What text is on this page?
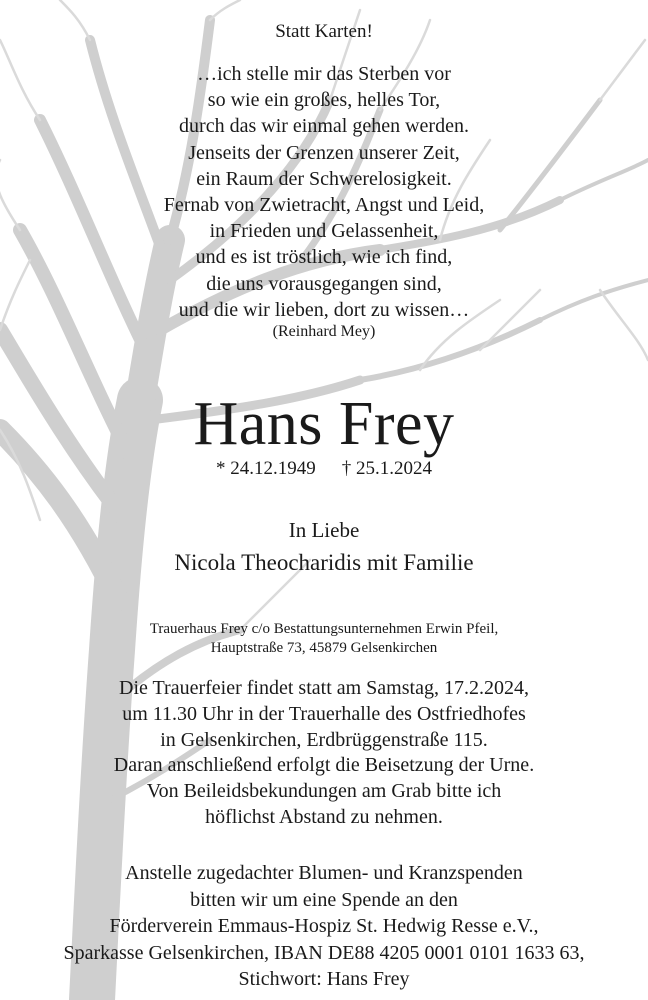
Statt Karten!
…ich stelle mir das Sterben vor
so wie ein großes, helles Tor,
durch das wir einmal gehen werden.
Jenseits der Grenzen unserer Zeit,
ein Raum der Schwerelosigkeit.
Fernab von Zwietracht, Angst und Leid,
in Frieden und Gelassenheit,
und es ist tröstlich, wie ich find,
die uns vorausgegangen sind,
und die wir lieben, dort zu wissen…
(Reinhard Mey)
Hans Frey
* 24.12.1949 † 25.1.2024
In Liebe
Nicola Theocharidis mit Familie
Trauerhaus Frey c/o Bestattungsunternehmen Erwin Pfeil,
Hauptstraße 73, 45879 Gelsenkirchen
Die Trauerfeier findet statt am Samstag, 17.2.2024,
um 11.30 Uhr in der Trauerhalle des Ostfriedhofes
in Gelsenkirchen, Erdbrüggenstraße 115.
Daran anschließend erfolgt die Beisetzung der Urne.
Von Beileidsbekundungen am Grab bitte ich
höflichst Abstand zu nehmen.
Anstelle zugedachter Blumen- und Kranzspenden
bitten wir um eine Spende an den
Förderverein Emmaus-Hospiz St. Hedwig Resse e.V.,
Sparkasse Gelsenkirchen, IBAN DE88 4205 0001 0101 1633 63,
Stichwort: Hans Frey
